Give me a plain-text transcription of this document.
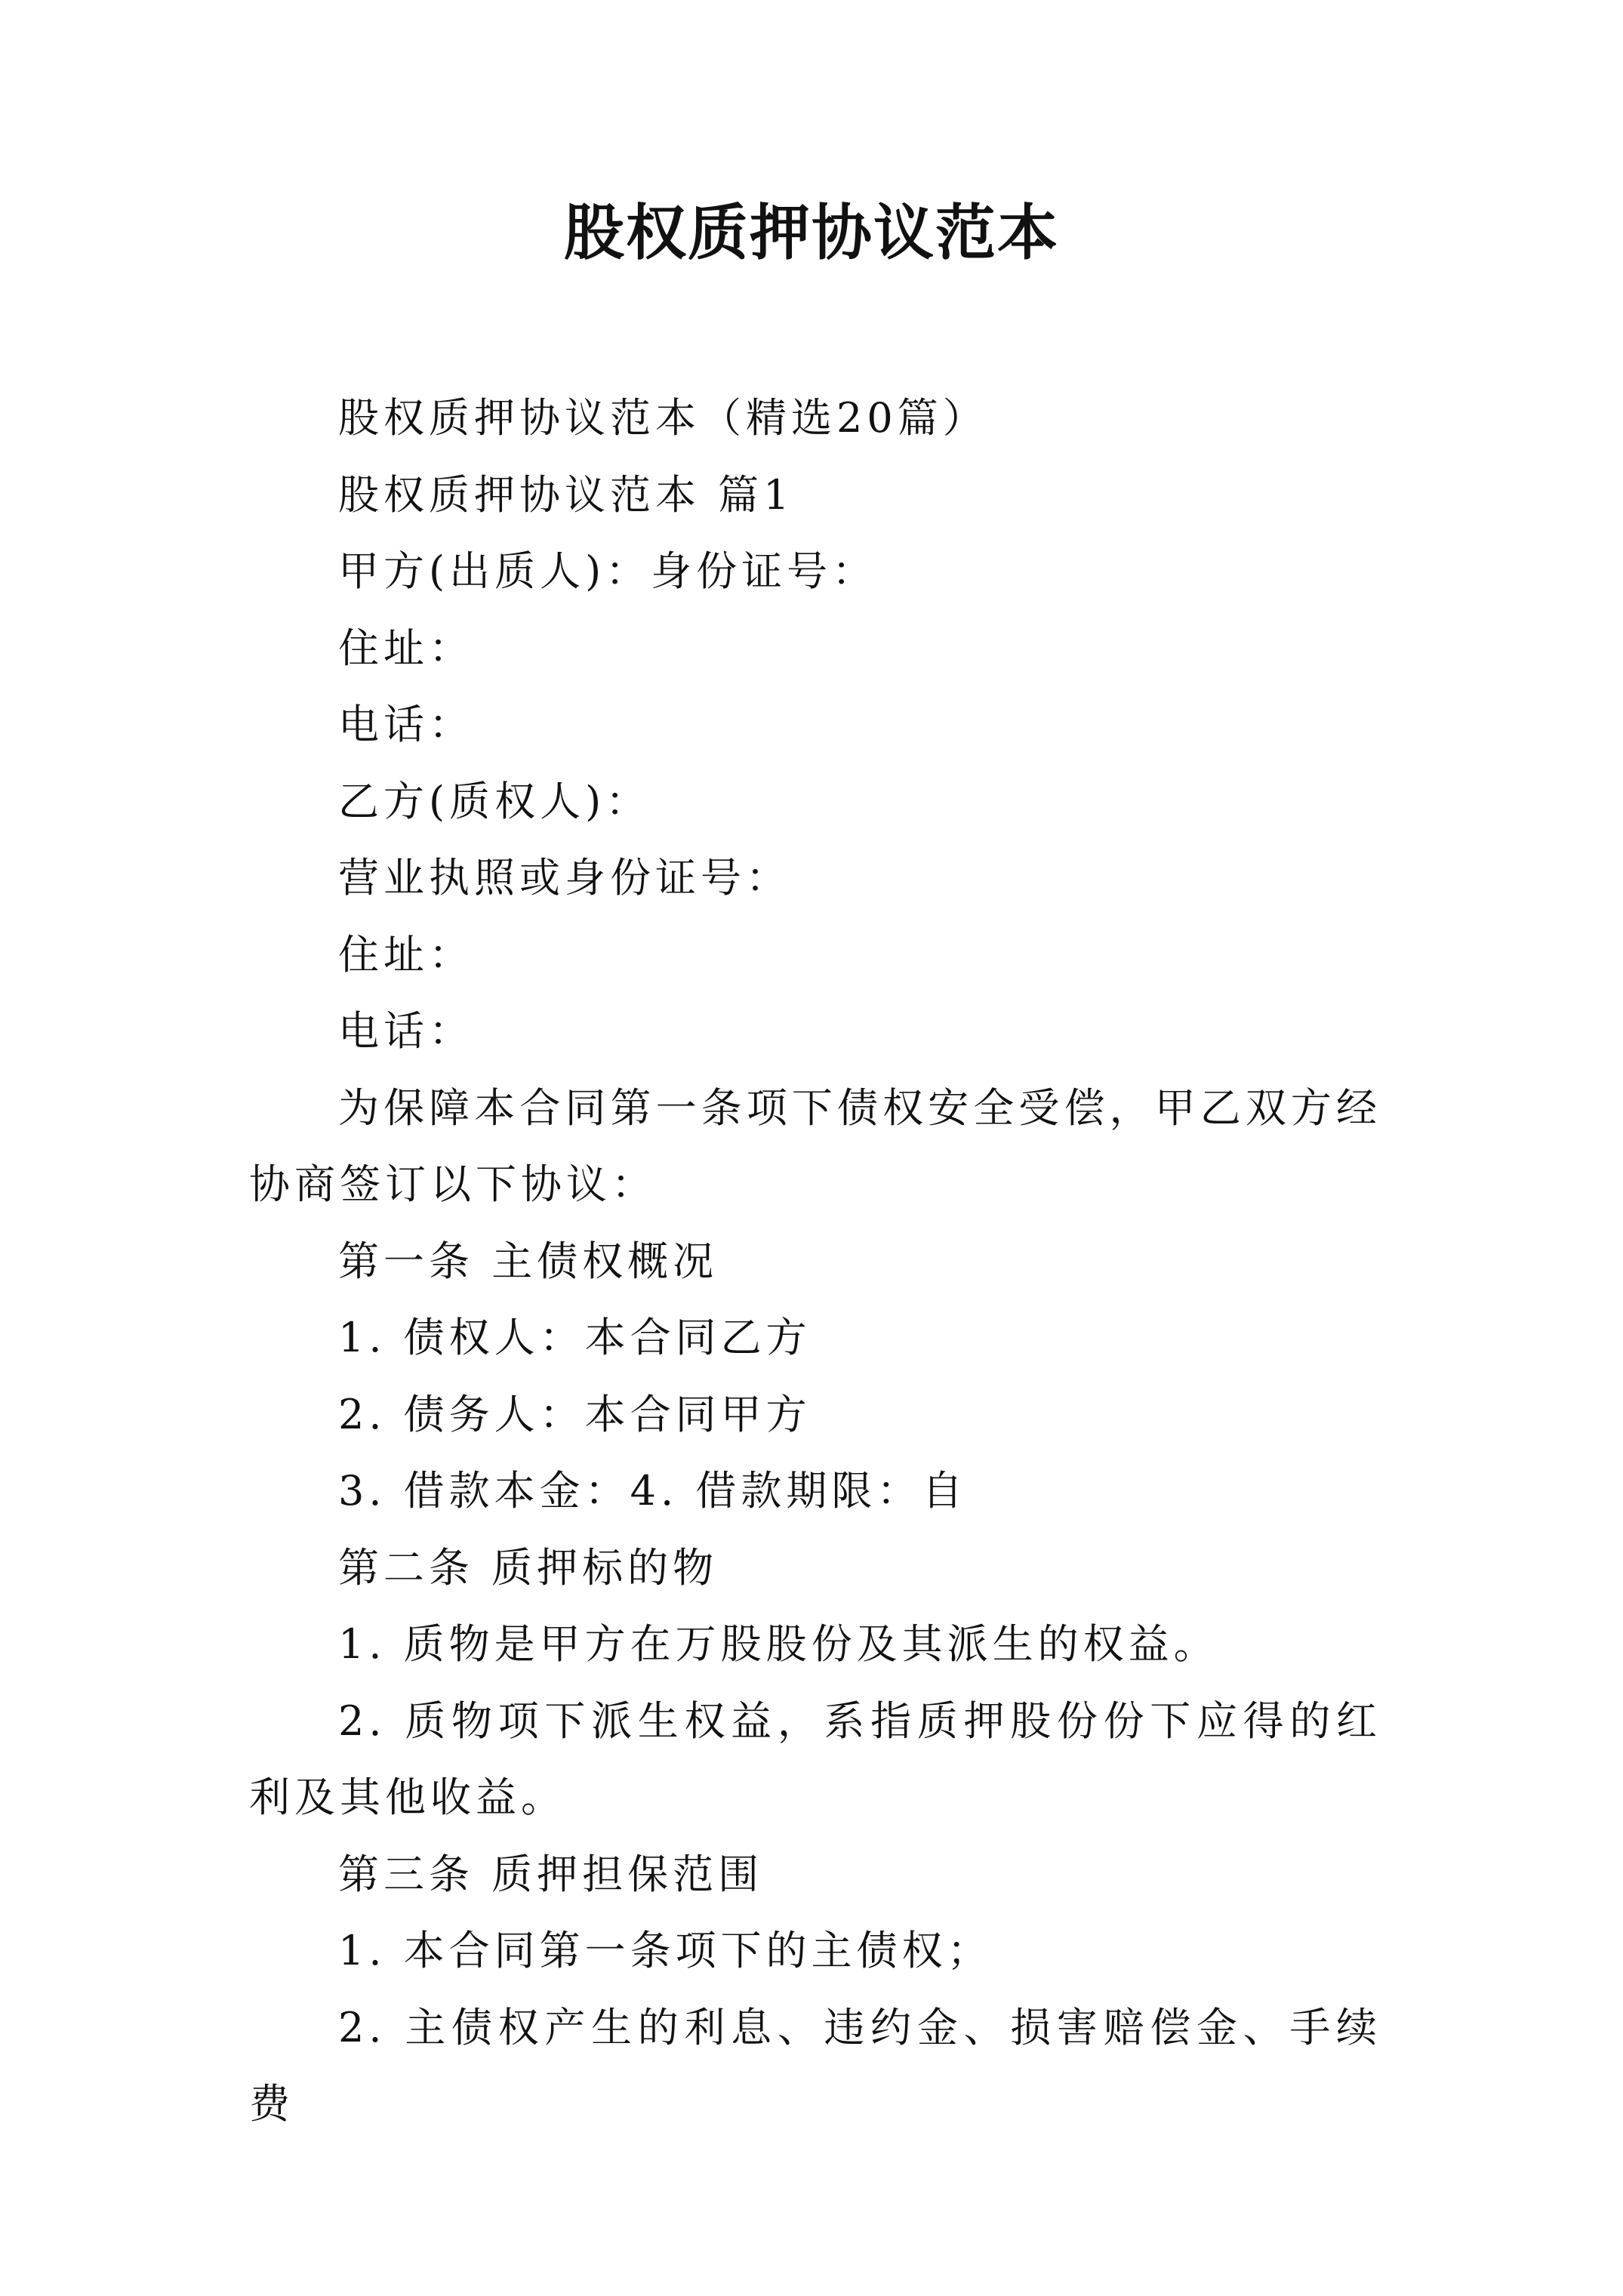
股权质押协议范本

股权质押协议范本（精选20篇）

股权质押协议范本 篇1

甲方(出质人)：身份证号：

住址：

电话：

乙方(质权人)：

营业执照或身份证号：

住址：

电话：

为保障本合同第一条项下债权安全受偿，甲乙双方经协商签订以下协议：

第一条 主债权概况

1. 债权人：本合同乙方

2. 债务人：本合同甲方

3. 借款本金：4. 借款期限：自

第二条 质押标的物

1. 质物是甲方在万股股份及其派生的权益。

2. 质物项下派生权益，系指质押股份份下应得的红利及其他收益。

第三条 质押担保范围

1. 本合同第一条项下的主债权；

2. 主债权产生的利息、违约金、损害赔偿金、手续费
